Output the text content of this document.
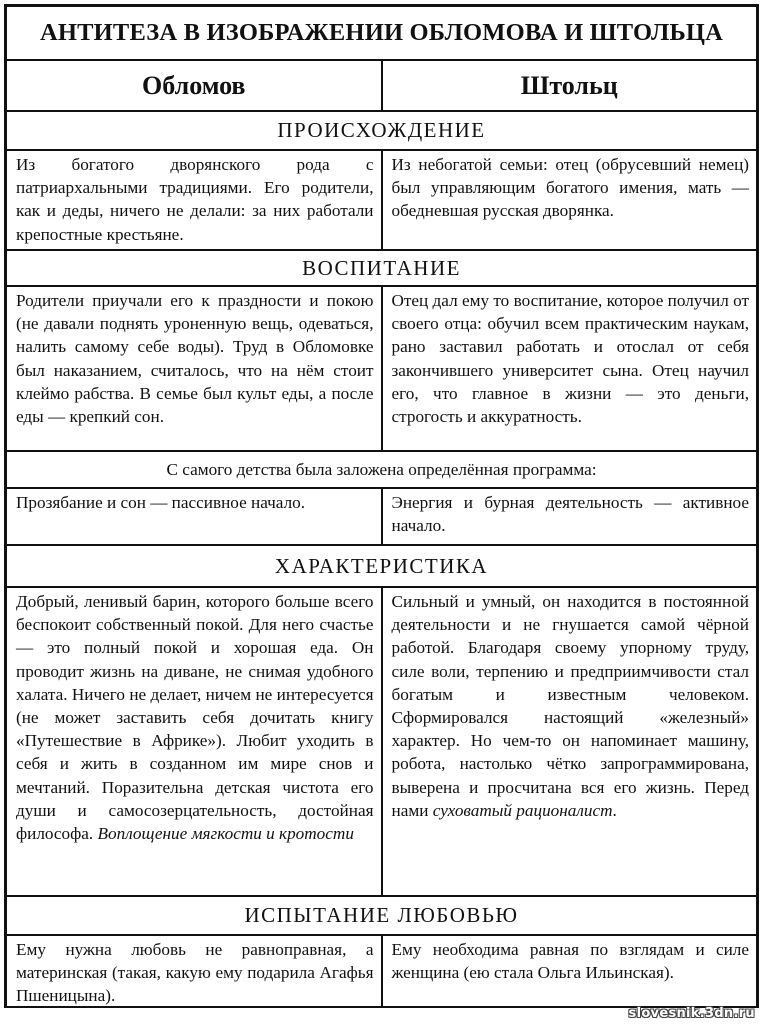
АНТИТЕЗА В ИЗОБРАЖЕНИИ ОБЛОМОВА И ШТОЛЬЦА
Обломов	Штольц
ПРОИСХОЖДЕНИЕ
Из богатого дворянского рода с патриархальными традициями. Его родители, как и деды, ничего не делали: за них работали крепостные крестьяне.
Из небогатой семьи: отец (обрусевший немец) был управляющим богатого имения, мать — обедневшая русская дворянка.
ВОСПИТАНИЕ
Родители приучали его к праздности и покою (не давали поднять уроненную вещь, одеваться, налить самому себе воды). Труд в Обломовке был наказанием, считалось, что на нём стоит клеймо рабства. В семье был культ еды, а после еды — крепкий сон.
Отец дал ему то воспитание, которое получил от своего отца: обучил всем практическим наукам, рано заставил работать и отослал от себя закончившего университет сына. Отец научил его, что главное в жизни — это деньги, строгость и аккуратность.
С самого детства была заложена определённая программа:
Прозябание и сон — пассивное начало.	Энергия и бурная деятельность — активное начало.
ХАРАКТЕРИСТИКА
Добрый, ленивый барин, которого больше всего беспокоит собственный покой. Для него счастье — это полный покой и хорошая еда. Он проводит жизнь на диване, не снимая удобного халата. Ничего не делает, ничем не интересуется (не может заставить себя дочитать книгу «Путешествие в Африке»). Любит уходить в себя и жить в созданном им мире снов и мечтаний. Поразительна детская чистота его души и самосозерцательность, достойная философа. Воплощение мягкости и кротости
Сильный и умный, он находится в постоянной деятельности и не гнушается самой чёрной работой. Благодаря своему упорному труду, силе воли, терпению и предприимчивости стал богатым и известным человеком. Сформировался настоящий «железный» характер. Но чем-то он напоминает машину, робота, настолько чётко запрограммирована, выверена и просчитана вся его жизнь. Перед нами суховатый рационалист.
ИСПЫТАНИЕ ЛЮБОВЬЮ
Ему нужна любовь не равноправная, а материнская (такая, какую ему подарила Агафья Пшеницына).
Ему необходима равная по взглядам и силе женщина (ею стала Ольга Ильинская).
slovesnik.3dn.ru
